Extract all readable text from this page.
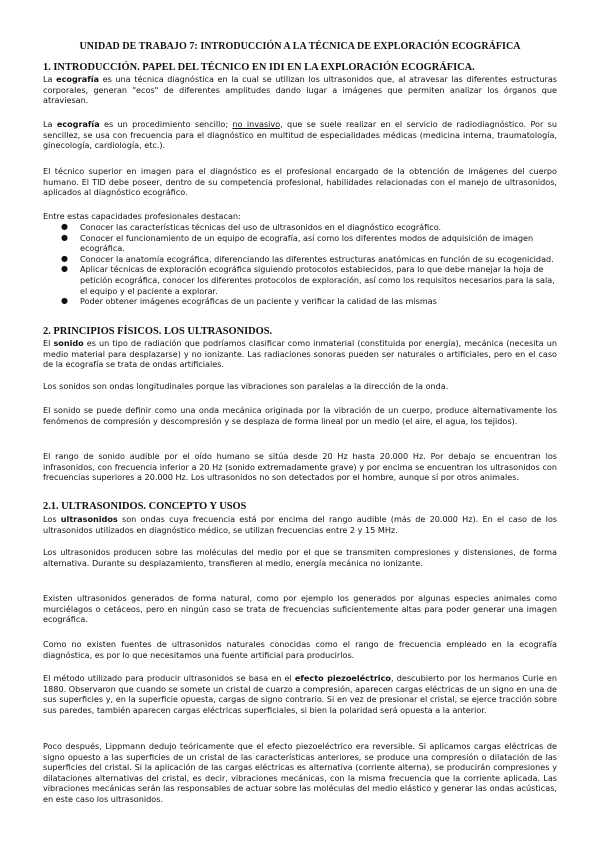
UNIDAD DE TRABAJO 7: INTRODUCCIÓN A LA TÉCNICA DE EXPLORACIÓN ECOGRÁFICA
1. INTRODUCCIÓN. PAPEL DEL TÉCNICO EN IDI EN LA EXPLORACIÓN ECOGRÁFICA.

La ecografía es una técnica diagnóstica en la cual se utilizan los ultrasonidos que, al atravesar las diferentes estructuras corporales, generan "ecos" de diferentes amplitudes dando lugar a imágenes que permiten analizar los órganos que atraviesan.

La ecografía es un procedimiento sencillo; no invasivo, que se suele realizar en el servicio de radiodiagnóstico. Por su sencillez, se usa con frecuencia para el diagnóstico en multitud de especialidades médicas (medicina interna, traumatología, ginecología, cardiología, etc.).

El técnico superior en imagen para el diagnóstico es el profesional encargado de la obtención de imágenes del cuerpo humano. El TID debe poseer, dentro de su competencia profesional, habilidades relacionadas con el manejo de ultrasonidos, aplicados al diagnóstico ecográfico.

Entre estas capacidades profesionales destacan:

● Conocer las características técnicas del uso de ultrasonidos en el diagnóstico ecográfico.
● Conocer el funcionamiento de un equipo de ecografía, así como los diferentes modos de adquisición de imagen ecográfica.
● Conocer la anatomía ecográfica, diferenciando las diferentes estructuras anatómicas en función de su ecogenicidad.
● Aplicar técnicas de exploración ecográfica siguiendo protocolos establecidos, para lo que debe manejar la hoja de petición ecográfica, conocer los diferentes protocolos de exploración, así como los requisitos necesarios para la sala, el equipo y el paciente a explorar.
● Poder obtener imágenes ecográficas de un paciente y verificar la calidad de las mismas
2. PRINCIPIOS FÍSICOS. LOS ULTRASONIDOS.

El sonido es un tipo de radiación que podríamos clasificar como inmaterial (constituida por energía), mecánica (necesita un medio material para desplazarse) y no ionizante. Las radiaciones sonoras pueden ser naturales o artificiales, pero en el caso de la ecografía se trata de ondas artificiales.

Los sonidos son ondas longitudinales porque las vibraciones son paralelas a la dirección de la onda.

El sonido se puede definir como una onda mecánica originada por la vibración de un cuerpo, produce alternativamente los fenómenos de compresión y descompresión y se desplaza de forma lineal por un medio (el aire, el agua, los tejidos).

El rango de sonido audible por el oído humano se sitúa desde 20 Hz hasta 20.000 Hz. Por debajo se encuentran los infrasonidos, con frecuencia inferior a 20 Hz (sonido extremadamente grave) y por encima se encuentran los ultrasonidos con frecuencias superiores a 20.000 Hz. Los ultrasonidos no son detectados por el hombre, aunque sí por otros animales.

2.1. ULTRASONIDOS. CONCEPTO Y USOS

Los ultrasonidos son ondas cuya frecuencia está por encima del rango audible (más de 20.000 Hz). En el caso de los ultrasonidos utilizados en diagnóstico médico, se utilizan frecuencias entre 2 y 15 MHz.

Los ultrasonidos producen sobre las moléculas del medio por el que se transmiten compresiones y distensiones, de forma alternativa. Durante su desplazamiento, transfieren al medio, energía mecánica no ionizante.

Existen ultrasonidos generados de forma natural, como por ejemplo los generados por algunas especies animales como murciélagos o cetáceos, pero en ningún caso se trata de frecuencias suficientemente altas para poder generar una imagen ecográfica.

Como no existen fuentes de ultrasonidos naturales conocidas como el rango de frecuencia empleado en la ecografía diagnóstica, es por lo que necesitamos una fuente artificial para producirlos.

El método utilizado para producir ultrasonidos se basa en el efecto piezoeléctrico, descubierto por los hermanos Curie en 1880. Observaron que cuando se somete un cristal de cuarzo a compresión, aparecen cargas eléctricas de un signo en una de sus superficies y, en la superficie opuesta, cargas de signo contrario. Si en vez de presionar el cristal, se ejerce tracción sobre sus paredes, también aparecen cargas eléctricas superficiales, si bien la polaridad será opuesta a la anterior.

Poco después, Lippmann dedujo teóricamente que el efecto piezoeléctrico era reversible. Si aplicamos cargas eléctricas de signo opuesto a las superficies de un cristal de las características anteriores, se produce una compresión o dilatación de las superficies del cristal. Si la aplicación de las cargas eléctricas es alternativa (corriente alterna), se producirán compresiones y dilataciones alternativas del cristal, es decir, vibraciones mecánicas, con la misma frecuencia que la corriente aplicada. Las vibraciones mecánicas serán las responsables de actuar sobre las moléculas del medio elástico y generar las ondas acústicas, en este caso los ultrasonidos.
